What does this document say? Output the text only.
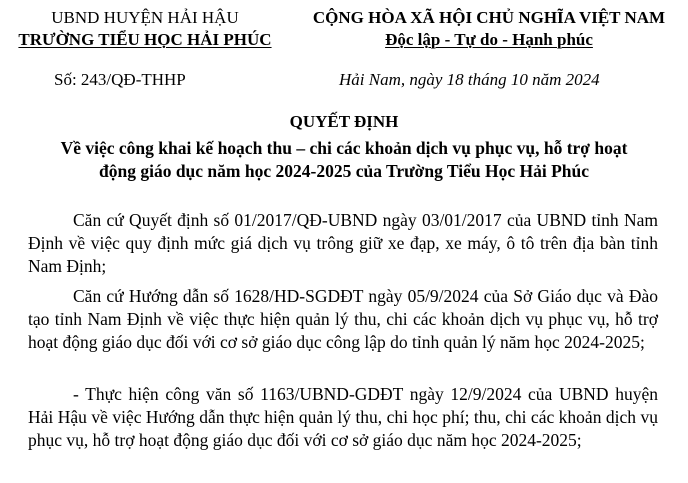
UBND HUYỆN HẢI HẬU
TRƯỜNG TIỂU HỌC HẢI PHÚC
CỘNG HÒA XÃ HỘI CHỦ NGHĨA VIỆT NAM
Độc lập - Tự do - Hạnh phúc
Số: 243/QĐ-THHP	Hải Nam, ngày 18 tháng 10 năm 2024
QUYẾT ĐỊNH
Về việc công khai kế hoạch thu – chi các khoản dịch vụ phục vụ, hỗ trợ hoạt
động giáo dục năm học 2024-2025 của Trường Tiểu Học Hải Phúc
Căn cứ Quyết định số 01/2017/QĐ-UBND ngày 03/01/2017 của UBND tỉnh Nam Định về việc quy định mức giá dịch vụ trông giữ xe đạp, xe máy, ô tô trên địa bàn tỉnh Nam Định;
Căn cứ Hướng dẫn số 1628/HD-SGDĐT ngày 05/9/2024 của Sở Giáo dục và Đào tạo tỉnh Nam Định về việc thực hiện quản lý thu, chi các khoản dịch vụ phục vụ, hỗ trợ hoạt động giáo dục đối với cơ sở giáo dục công lập do tỉnh quản lý năm học 2024-2025;
- Thực hiện công văn số 1163/UBND-GDĐT ngày 12/9/2024 của UBND huyện Hải Hậu về việc Hướng dẫn thực hiện quản lý thu, chi học phí; thu, chi các khoản dịch vụ phục vụ, hỗ trợ hoạt động giáo dục đối với cơ sở giáo dục năm học 2024-2025;
